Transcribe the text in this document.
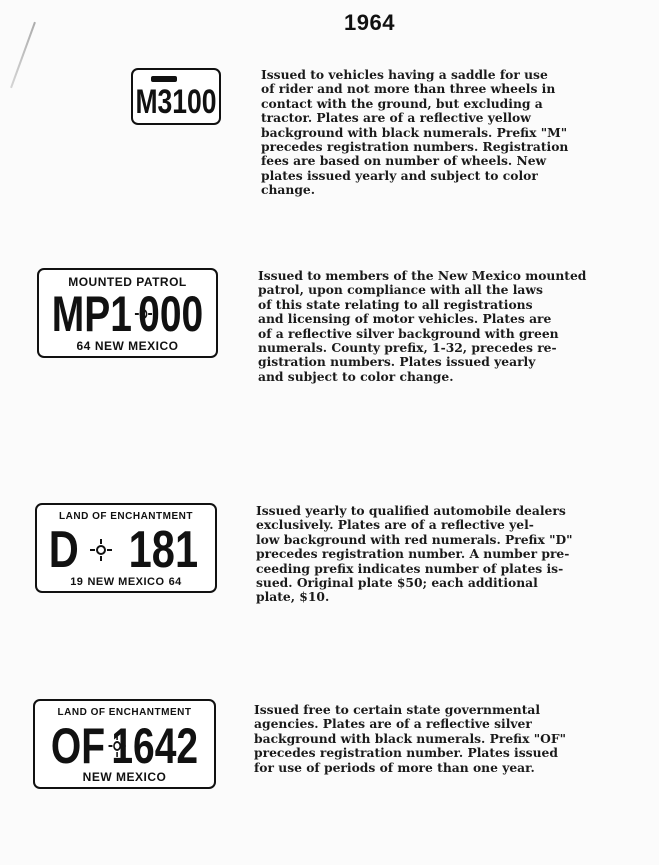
1964
M3100

Issued to vehicles having a saddle for use
of rider and not more than three wheels in
contact with the ground, but excluding a
tractor. Plates are of a reflective yellow
background with black numerals. Prefix "M"
precedes registration numbers. Registration
fees are based on number of wheels. New
plates issued yearly and subject to color
change.

MOUNTED PATROL
MP1 000
64 NEW MEXICO

Issued to members of the New Mexico mounted
patrol, upon compliance with all the laws
of this state relating to all registrations
and licensing of motor vehicles. Plates are
of a reflective silver background with green
numerals. County prefix, 1-32, precedes re-
gistration numbers. Plates issued yearly
and subject to color change.

LAND OF ENCHANTMENT
D 181
19 NEW MEXICO 64

Issued yearly to qualified automobile dealers
exclusively. Plates are of a reflective yel-
low background with red numerals. Prefix "D"
precedes registration number. A number pre-
ceeding prefix indicates number of plates is-
sued. Original plate $50; each additional
plate, $10.

LAND OF ENCHANTMENT
OF 1642
NEW MEXICO

Issued free to certain state governmental
agencies. Plates are of a reflective silver
background with black numerals. Prefix "OF"
precedes registration number. Plates issued
for use of periods of more than one year.
